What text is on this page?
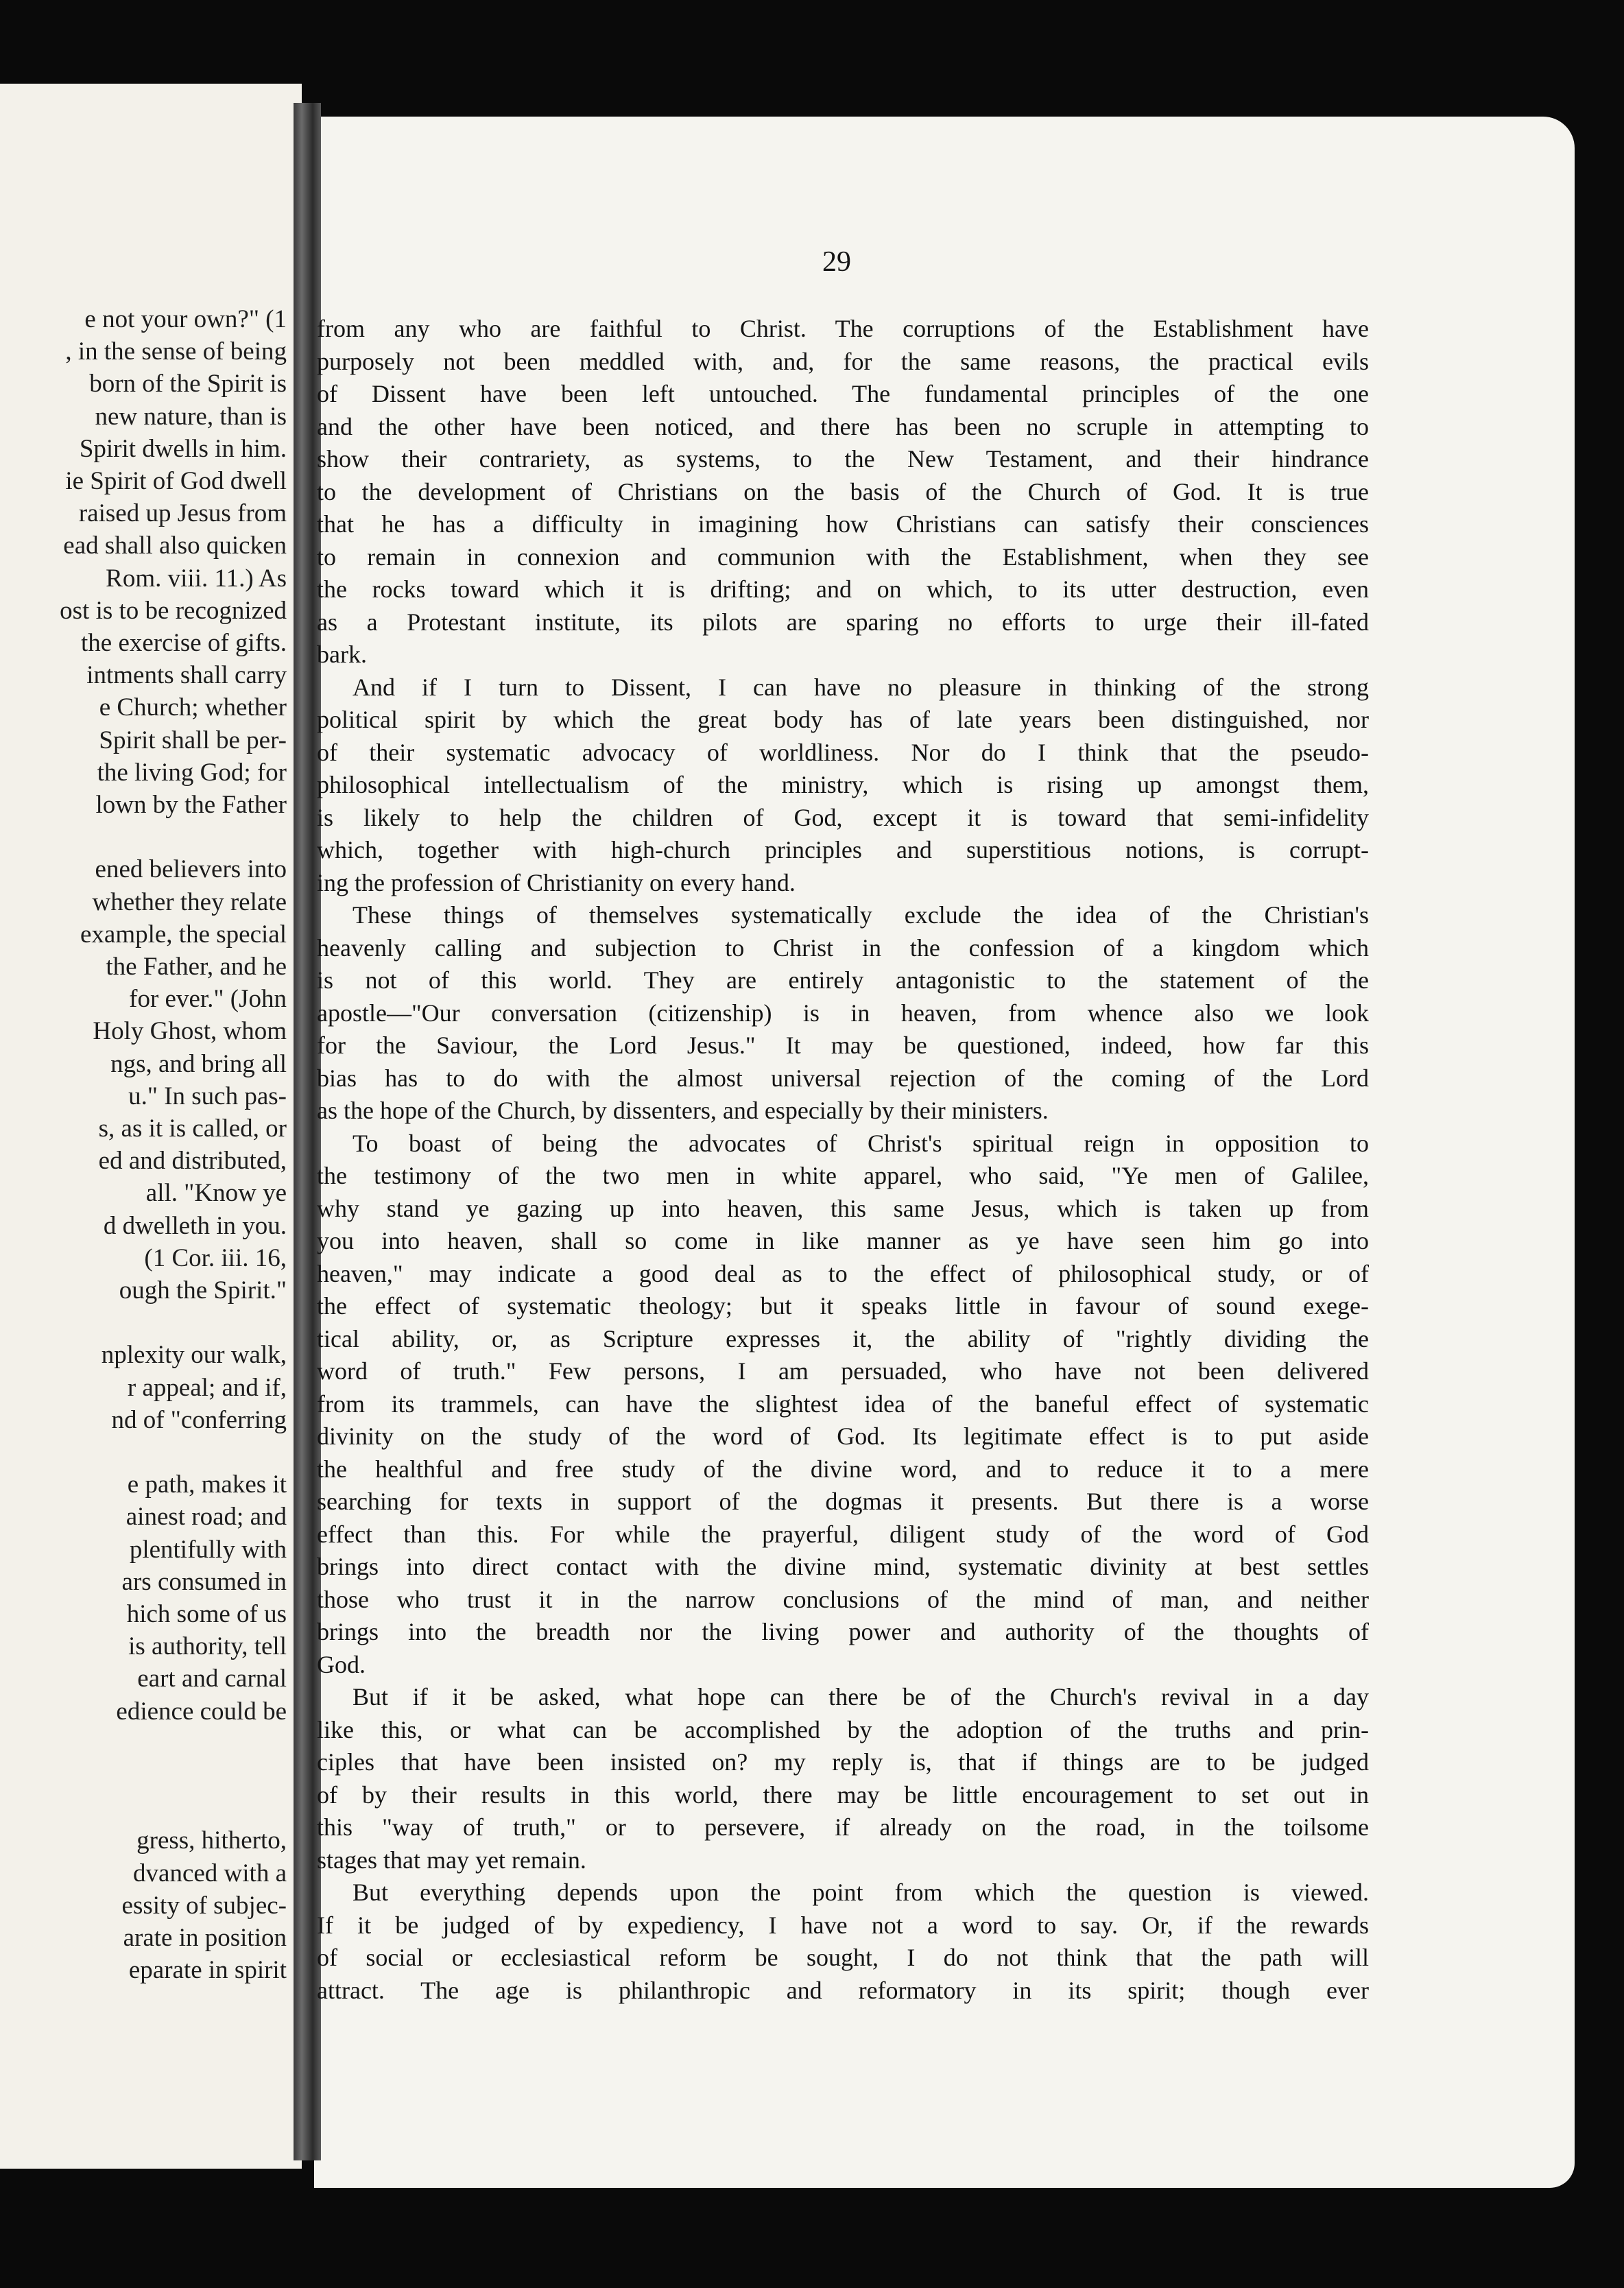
e not your own?" (1
, in the sense of being
born of the Spirit is
new nature, than is
Spirit dwells in him.
ie Spirit of God dwell
raised up Jesus from
ead shall also quicken
Rom. viii. 11.) As
ost is to be recognized
the exercise of gifts.
intments shall carry
e Church; whether
Spirit shall be per-
the living God; for
lown by the Father
ened believers into
whether they relate
example, the special
the Father, and he
for ever." (John
Holy Ghost, whom
ngs, and bring all
u." In such pas-
s, as it is called, or
ed and distributed,
all. "Know ye
d dwelleth in you.
(1 Cor. iii. 16,
ough the Spirit."
nplexity our walk,
r appeal; and if,
nd of "conferring
e path, makes it
ainest road; and
plentifully with
ars consumed in
hich some of us
is authority, tell
eart and carnal
edience could be
gress, hitherto,
dvanced with a
essity of subjec-
arate in position
eparate in spirit
29

from any who are faithful to Christ. The corruptions of the Establishment have
purposely not been meddled with, and, for the same reasons, the practical evils
of Dissent have been left untouched. The fundamental principles of the one
and the other have been noticed, and there has been no scruple in attempting to
show their contrariety, as systems, to the New Testament, and their hindrance
to the development of Christians on the basis of the Church of God. It is true
that he has a difficulty in imagining how Christians can satisfy their consciences
to remain in connexion and communion with the Establishment, when they see
the rocks toward which it is drifting; and on which, to its utter destruction, even
as a Protestant institute, its pilots are sparing no efforts to urge their ill-fated
bark.

And if I turn to Dissent, I can have no pleasure in thinking of the strong
political spirit by which the great body has of late years been distinguished, nor
of their systematic advocacy of worldliness. Nor do I think that the pseudo-
philosophical intellectualism of the ministry, which is rising up amongst them,
is likely to help the children of God, except it is toward that semi-infidelity
which, together with high-church principles and superstitious notions, is corrupt-
ing the profession of Christianity on every hand.

These things of themselves systematically exclude the idea of the Christian's
heavenly calling and subjection to Christ in the confession of a kingdom which
is not of this world. They are entirely antagonistic to the statement of the
apostle—"Our conversation (citizenship) is in heaven, from whence also we look
for the Saviour, the Lord Jesus." It may be questioned, indeed, how far this
bias has to do with the almost universal rejection of the coming of the Lord
as the hope of the Church, by dissenters, and especially by their ministers.

To boast of being the advocates of Christ's spiritual reign in opposition to
the testimony of the two men in white apparel, who said, "Ye men of Galilee,
why stand ye gazing up into heaven, this same Jesus, which is taken up from
you into heaven, shall so come in like manner as ye have seen him go into
heaven," may indicate a good deal as to the effect of philosophical study, or of
the effect of systematic theology; but it speaks little in favour of sound exege-
tical ability, or, as Scripture expresses it, the ability of "rightly dividing the
word of truth." Few persons, I am persuaded, who have not been delivered
from its trammels, can have the slightest idea of the baneful effect of systematic
divinity on the study of the word of God. Its legitimate effect is to put aside
the healthful and free study of the divine word, and to reduce it to a mere
searching for texts in support of the dogmas it presents. But there is a worse
effect than this. For while the prayerful, diligent study of the word of God
brings into direct contact with the divine mind, systematic divinity at best settles
those who trust it in the narrow conclusions of the mind of man, and neither
brings into the breadth nor the living power and authority of the thoughts of
God.

But if it be asked, what hope can there be of the Church's revival in a day
like this, or what can be accomplished by the adoption of the truths and prin-
ciples that have been insisted on? my reply is, that if things are to be judged
of by their results in this world, there may be little encouragement to set out in
this "way of truth," or to persevere, if already on the road, in the toilsome
stages that may yet remain.

But everything depends upon the point from which the question is viewed.
If it be judged of by expediency, I have not a word to say. Or, if the rewards
of social or ecclesiastical reform be sought, I do not think that the path will
attract. The age is philanthropic and reformatory in its spirit; though ever
